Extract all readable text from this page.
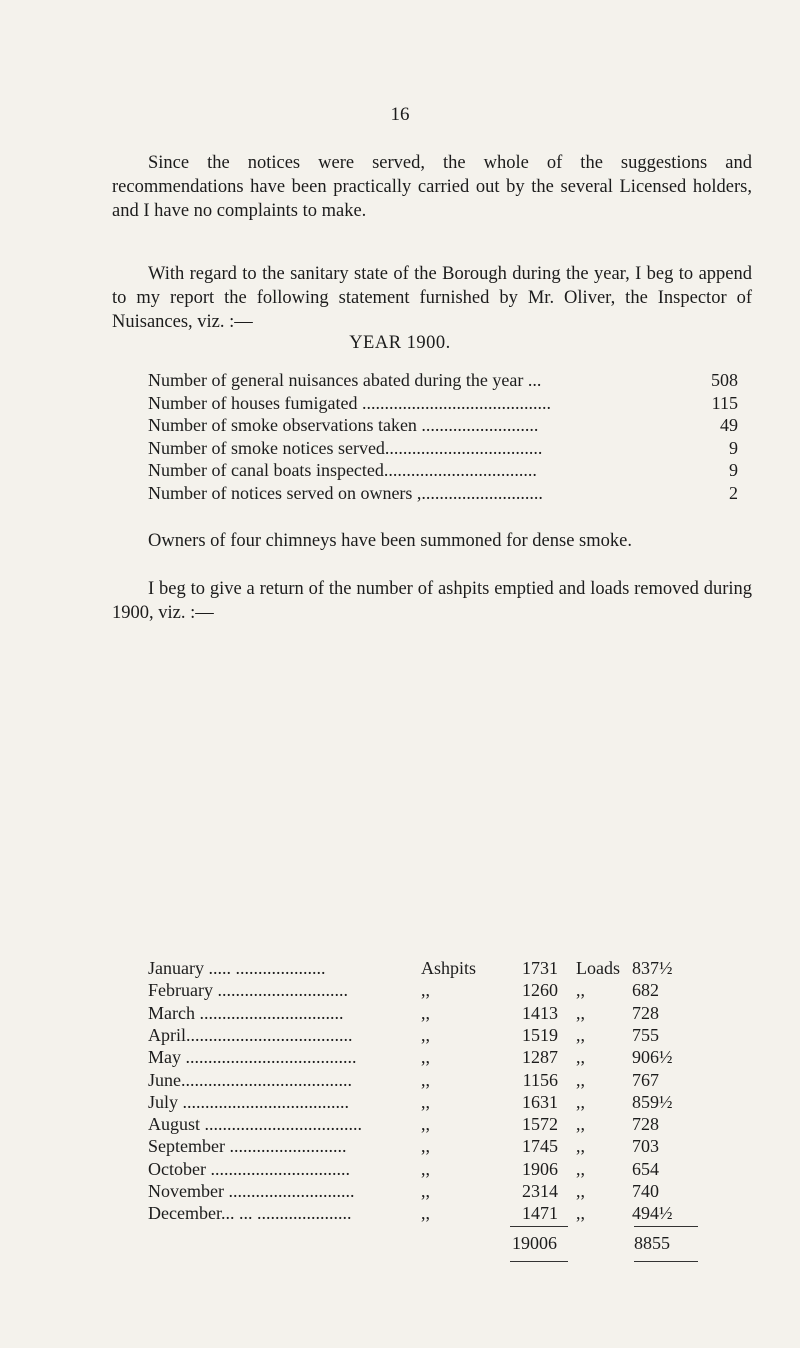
16
Since the notices were served, the whole of the suggestions and recommendations have been practically carried out by the several Licensed holders, and I have no complaints to make.
With regard to the sanitary state of the Borough during the year, I beg to append to my report the following statement furnished by Mr. Oliver, the Inspector of Nuisances, viz. :—
YEAR 1900.
Number of general nuisances abated during the year ...	508
Number of houses fumigated ..........................................	115
Number of smoke observations taken ..........................	49
Number of smoke notices served...................................	9
Number of canal boats inspected..................................	9
Number of notices served on owners ,...........................	2
Owners of four chimneys have been summoned for dense smoke.
I beg to give a return of the number of ashpits emptied and loads removed during 1900, viz. :—
January ..... ....................	Ashpits	1731 Loads 837½
February .............................	,,	1260 ,,	682
March ................................	,,	1413 ,,	728
April.....................................	,,	1519 ,,	755
May ......................................	,,	1287 ,,	906½
June......................................	,,	1156 ,,	767
July .....................................	,,	1631 ,,	859½
August ...................................	,,	1572 ,,	728
September ..........................	,,	1745 ,,	703
October ...............................	,,	1906 ,,	654
November ............................	,,	2314 ,,	740
December... ... .....................	,,	1471 ,,	494½
19006	8855
